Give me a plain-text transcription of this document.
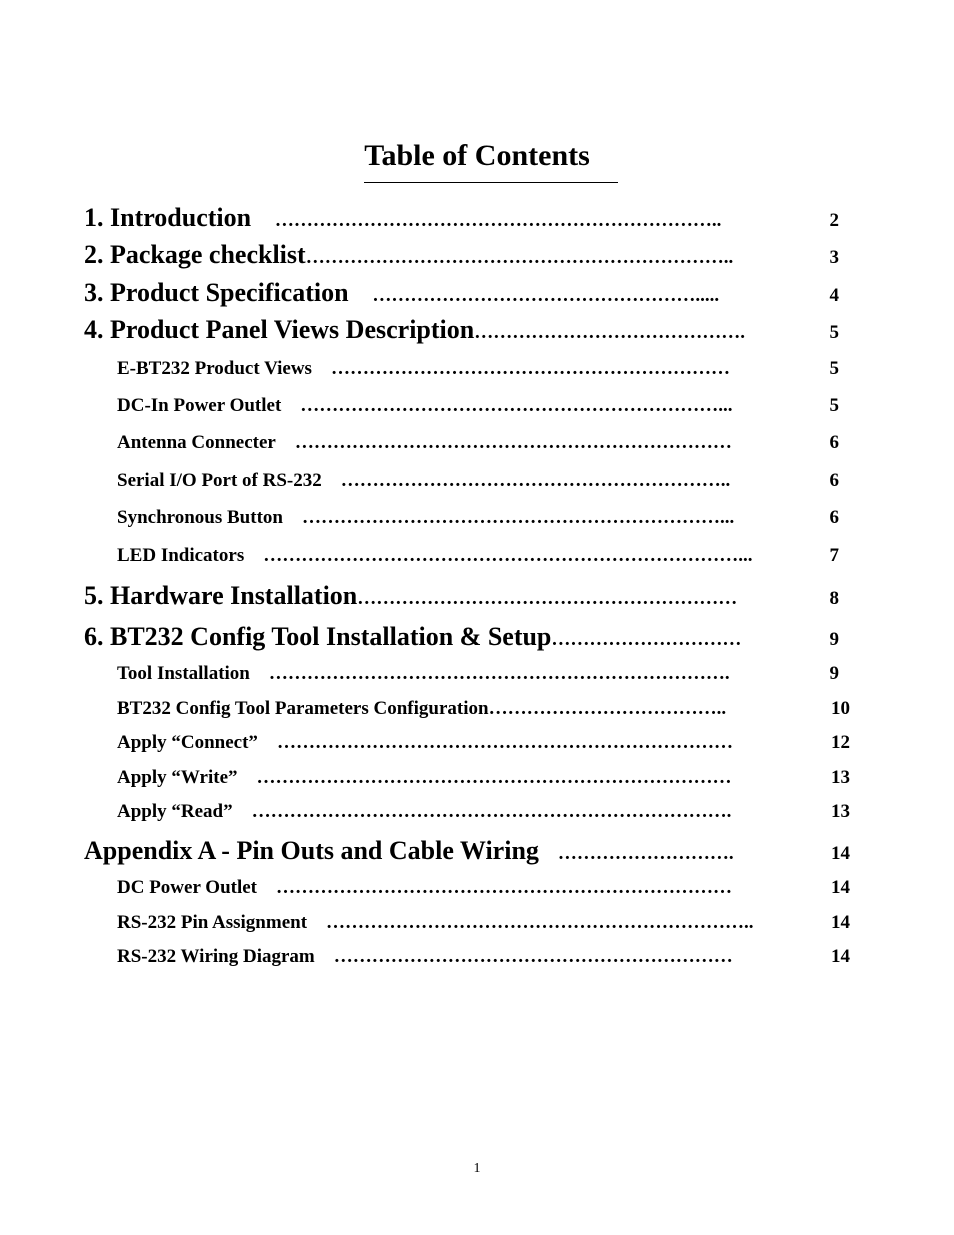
Table of Contents
1. Introduction ……………………………………………………………..	2
2. Package checklist …………………………………………………………..	3
3. Product Specification …………………………………………….....	4
4. Product Panel Views Description …………………………………….	5
E-BT232 Product Views ………………………………………………………	5
DC-In Power Outlet …………………………………………………………...	5
Antenna Connecter ……………………………………………………………	6
Serial I/O Port of RS-232 ……………………………………………………..	6
Synchronous Button …………………………………………………………...	6
LED Indicators …………………………………………………………………...	7
5. Hardware Installation ……………………………………………………	8
6. BT232 Config Tool Installation & Setup …………………………	9
Tool Installation ……………………………………………………………….	9
BT232 Config Tool Parameters Configuration ………………………………..	10
Apply “Connect” ………………………………………………………………	12
Apply “Write” …………………………………………………………………	13
Apply “Read” ………………………………………………………………….	13
Appendix A - Pin Outs and Cable Wiring ……………………….	14
DC Power Outlet ………………………………………………………………	14
RS-232 Pin Assignment …………………………………………………………..	14
RS-232 Wiring Diagram ………………………………………………………	14
1
